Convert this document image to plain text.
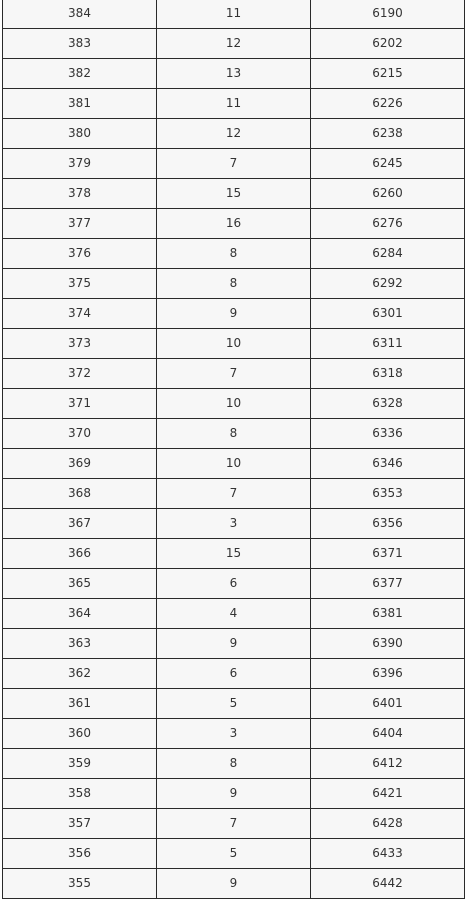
384	11	6190
383	12	6202
382	13	6215
381	11	6226
380	12	6238
379	7	6245
378	15	6260
377	16	6276
376	8	6284
375	8	6292
374	9	6301
373	10	6311
372	7	6318
371	10	6328
370	8	6336
369	10	6346
368	7	6353
367	3	6356
366	15	6371
365	6	6377
364	4	6381
363	9	6390
362	6	6396
361	5	6401
360	3	6404
359	8	6412
358	9	6421
357	7	6428
356	5	6433
355	9	6442
